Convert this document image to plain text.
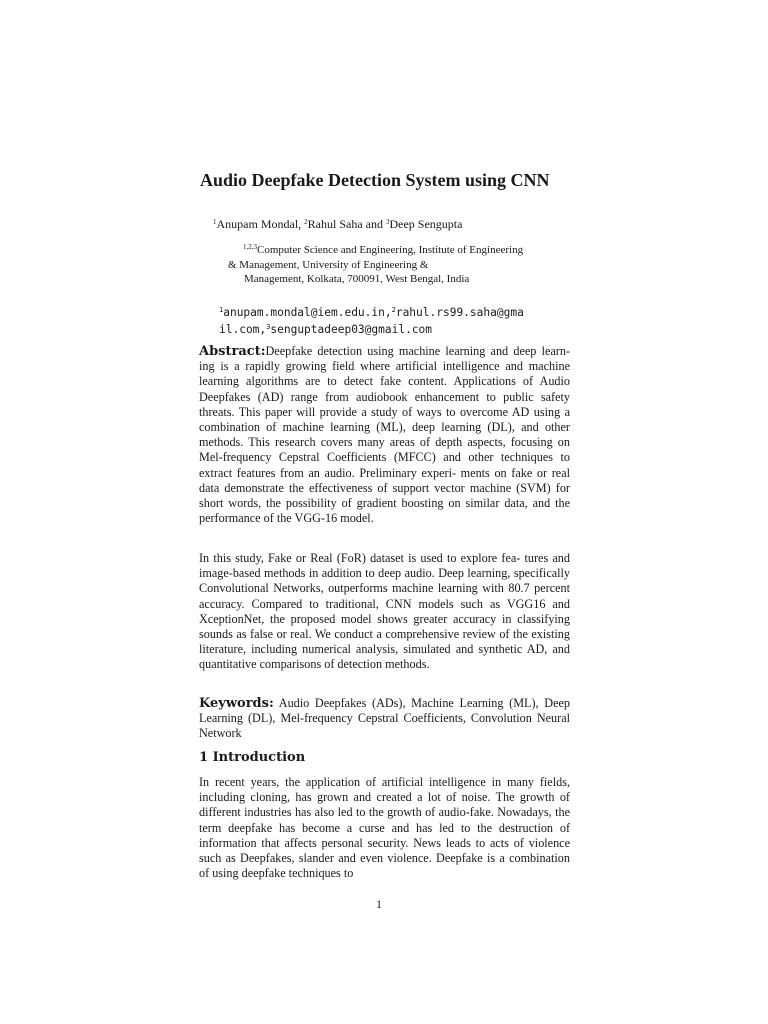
Audio Deepfake Detection System using CNN
$^1$Anupam Mondal, $^2$Rahul Saha and $^3$Deep Sengupta
$^{1,2,3}$Computer Science and Engineering, Institute of Engineering
& Management, University of Engineering &
Management, Kolkata, 700091, West Bengal, India
$^1$anupam.mondal@iem.edu.in,$^2$rahul.rs99.saha@gma
il.com,$^3$senguptadeep03@gmail.com

Abstract:Deepfake detection using machine learning and deep learn- ing is a rapidly growing field where artificial intelligence and machine learning algorithms are to detect fake content. Applications of Audio Deepfakes (AD) range from audiobook enhancement to public safety threats. This paper will provide a study of ways to overcome AD using a combination of machine learning (ML), deep learning (DL), and other methods. This research covers many areas of depth aspects, focusing on Mel-frequency Cepstral Coefficients (MFCC) and other techniques to extract features from an audio. Preliminary experi- ments on fake or real data demonstrate the effectiveness of support vector machine (SVM) for short words, the possibility of gradient boosting on similar data, and the performance of the VGG-16 model.

In this study, Fake or Real (FoR) dataset is used to explore fea- tures and image-based methods in addition to deep audio. Deep learning, specifically Convolutional Networks, outperforms machine learning with 80.7 percent accuracy. Compared to traditional, CNN models such as VGG16 and XceptionNet, the proposed model shows greater accuracy in classifying sounds as false or real. We conduct a comprehensive review of the existing literature, including numerical analysis, simulated and synthetic AD, and quantitative comparisons of detection methods.

Keywords: Audio Deepfakes (ADs), Machine Learning (ML), Deep Learning (DL), Mel-frequency Cepstral Coefficients, Convolution Neural Network

1 Introduction

In recent years, the application of artificial intelligence in many fields, including cloning, has grown and created a lot of noise. The growth of different industries has also led to the growth of audio-fake. Nowadays, the term deepfake has become a curse and has led to the destruction of information that affects personal security. News leads to acts of violence such as Deepfakes, slander and even violence. Deepfake is a combination of using deepfake techniques to

1
